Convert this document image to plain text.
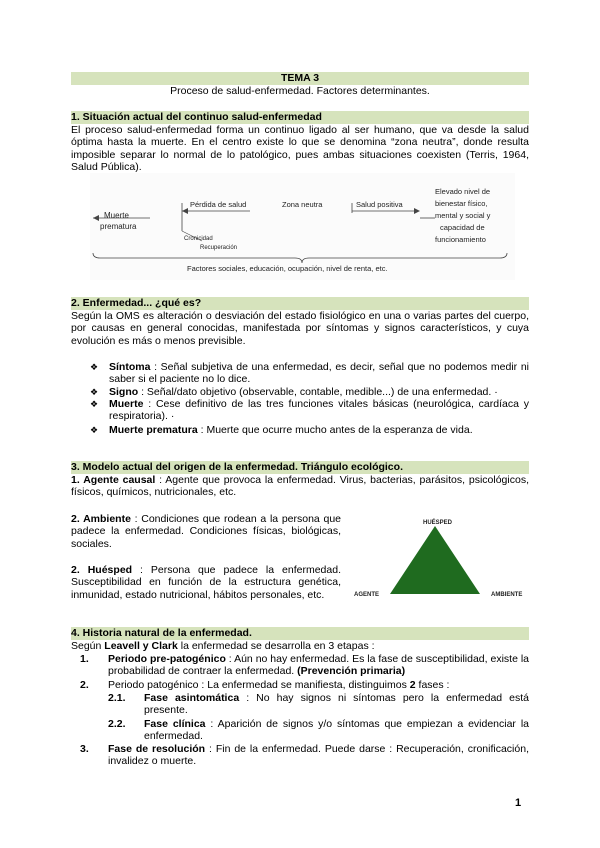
TEMA 3
Proceso de salud-enfermedad. Factores determinantes.
1. Situación actual del continuo salud-enfermedad
El proceso salud-enfermedad forma un continuo ligado al ser humano, que va desde la salud óptima hasta la muerte. En el centro existe lo que se denomina “zona neutra”, donde resulta imposible separar lo normal de lo patológico, pues ambas situaciones coexisten (Terris, 1964, Salud Pública).
Muerte
prematura
Pérdida de salud	Zona neutra	Salud positiva
Elevado nivel de
bienestar físico,
mental y social y
capacidad de
funcionamiento
Cronicidad
Recuperación
Factores sociales, educación, ocupación, nivel de renta, etc.
2. Enfermedad... ¿qué es?
Según la OMS es alteración o desviación del estado fisiológico en una o varias partes del cuerpo, por causas en general conocidas, manifestada por síntomas y signos característicos, y cuya evolución es más o menos previsible.
❖ Síntoma : Señal subjetiva de una enfermedad, es decir, señal que no podemos medir ni saber si el paciente no lo dice.
❖ Signo : Señal/dato objetivo (observable, contable, medible...) de una enfermedad. ·
❖ Muerte : Cese definitivo de las tres funciones vitales básicas (neurológica, cardíaca y respiratoria). ·
❖ Muerte prematura : Muerte que ocurre mucho antes de la esperanza de vida.
3. Modelo actual del origen de la enfermedad. Triángulo ecológico.
1. Agente causal : Agente que provoca la enfermedad. Virus, bacterias, parásitos, psicológicos, físicos, químicos, nutricionales, etc.
2. Ambiente : Condiciones que rodean a la persona que padece la enfermedad. Condiciones físicas, biológicas, sociales.
2. Huésped : Persona que padece la enfermedad. Susceptibilidad en función de la estructura genética, inmunidad, estado nutricional, hábitos personales, etc.
HUÉSPED
AGENTE	AMBIENTE
4. Historia natural de la enfermedad.
Según Leavell y Clark la enfermedad se desarrolla en 3 etapas :
1. Periodo pre-patogénico : Aún no hay enfermedad. Es la fase de susceptibilidad, existe la probabilidad de contraer la enfermedad. (Prevención primaria)
2. Periodo patogénico : La enfermedad se manifiesta, distinguimos 2 fases :
2.1. Fase asintomática : No hay signos ni síntomas pero la enfermedad está presente.
2.2. Fase clínica : Aparición de signos y/o síntomas que empiezan a evidenciar la enfermedad.
3. Fase de resolución : Fin de la enfermedad. Puede darse : Recuperación, cronificación, invalidez o muerte.
1
